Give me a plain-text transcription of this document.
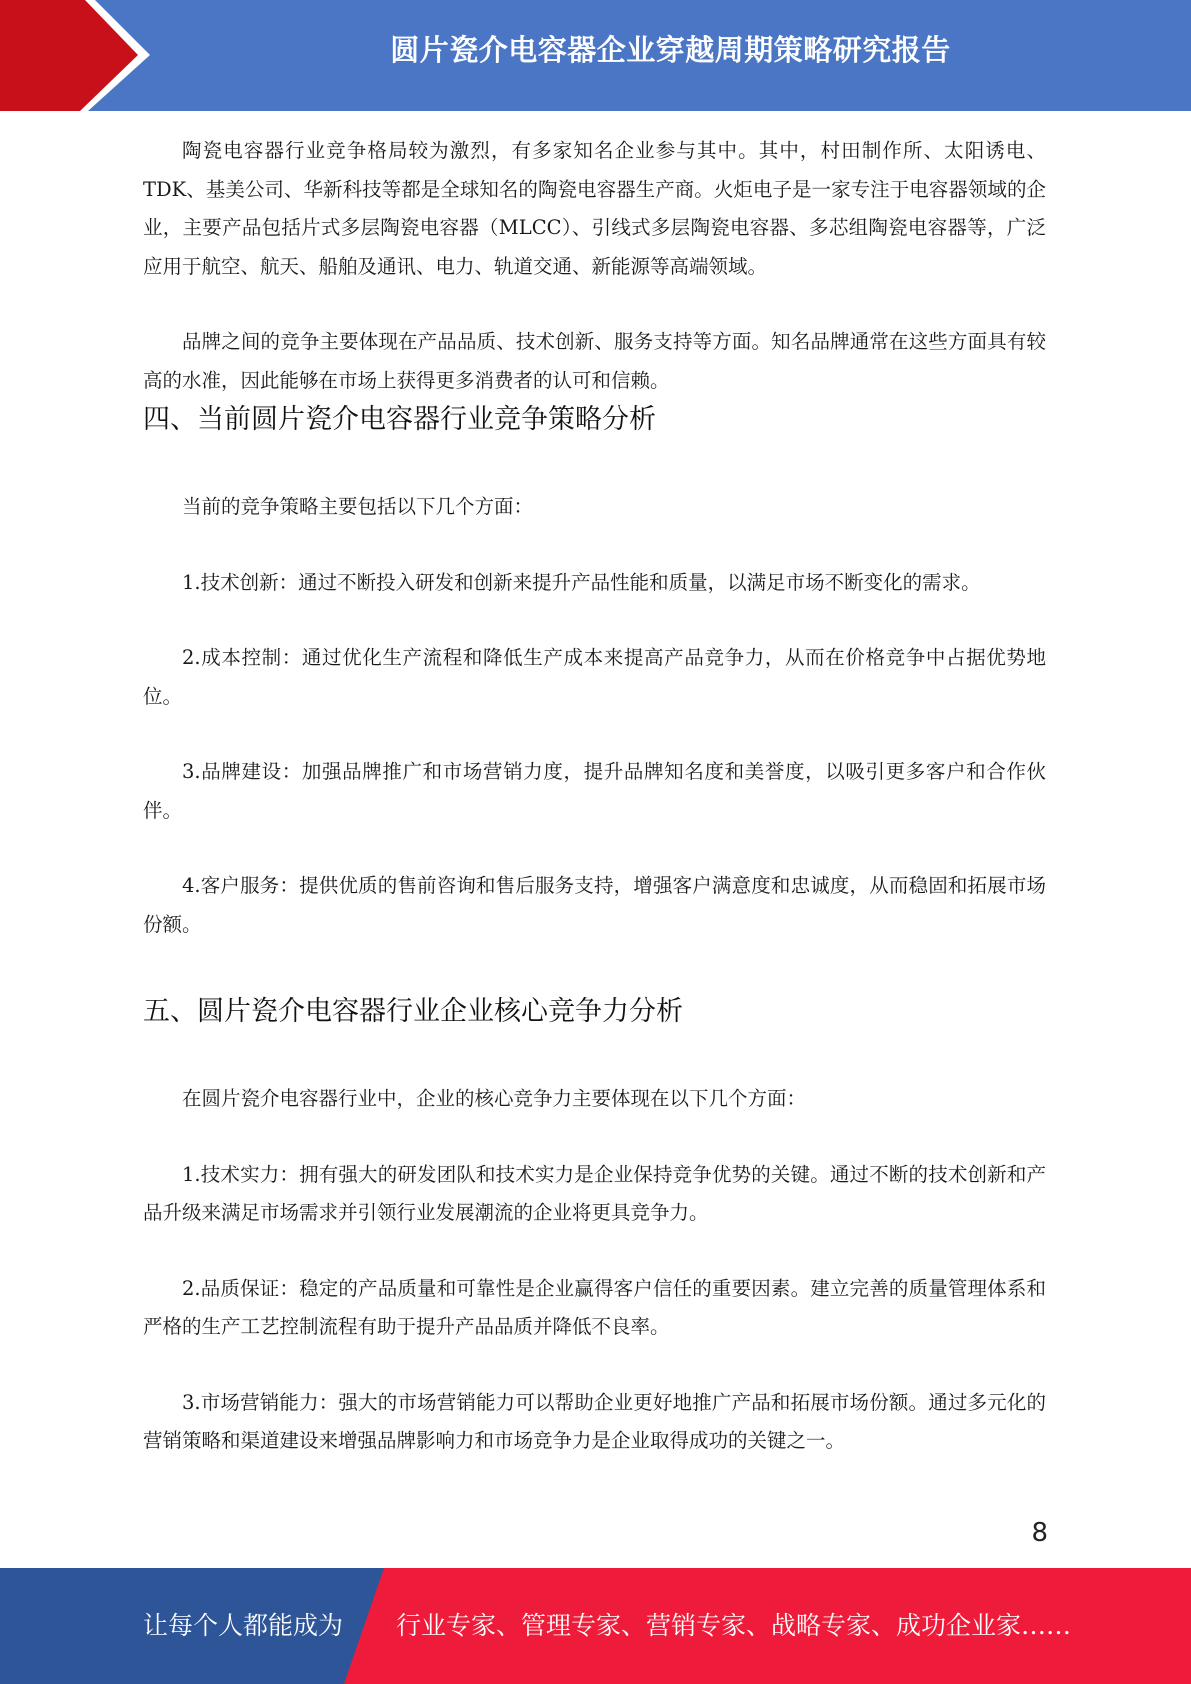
圆片瓷介电容器企业穿越周期策略研究报告

陶瓷电容器行业竞争格局较为激烈，有多家知名企业参与其中。其中，村田制作所、太阳诱电、TDK、基美公司、华新科技等都是全球知名的陶瓷电容器生产商。火炬电子是一家专注于电容器领域的企业，主要产品包括片式多层陶瓷电容器（MLCC）、引线式多层陶瓷电容器、多芯组陶瓷电容器等，广泛应用于航空、航天、船舶及通讯、电力、轨道交通、新能源等高端领域。

品牌之间的竞争主要体现在产品品质、技术创新、服务支持等方面。知名品牌通常在这些方面具有较高的水准，因此能够在市场上获得更多消费者的认可和信赖。

四、当前圆片瓷介电容器行业竞争策略分析

当前的竞争策略主要包括以下几个方面：

1.技术创新：通过不断投入研发和创新来提升产品性能和质量，以满足市场不断变化的需求。

2.成本控制：通过优化生产流程和降低生产成本来提高产品竞争力，从而在价格竞争中占据优势地位。

3.品牌建设：加强品牌推广和市场营销力度，提升品牌知名度和美誉度，以吸引更多客户和合作伙伴。

4.客户服务：提供优质的售前咨询和售后服务支持，增强客户满意度和忠诚度，从而稳固和拓展市场份额。

五、圆片瓷介电容器行业企业核心竞争力分析

在圆片瓷介电容器行业中，企业的核心竞争力主要体现在以下几个方面：

1.技术实力：拥有强大的研发团队和技术实力是企业保持竞争优势的关键。通过不断的技术创新和产品升级来满足市场需求并引领行业发展潮流的企业将更具竞争力。

2.品质保证：稳定的产品质量和可靠性是企业赢得客户信任的重要因素。建立完善的质量管理体系和严格的生产工艺控制流程有助于提升产品品质并降低不良率。

3.市场营销能力：强大的市场营销能力可以帮助企业更好地推广产品和拓展市场份额。通过多元化的营销策略和渠道建设来增强品牌影响力和市场竞争力是企业取得成功的关键之一。

8
让每个人都能成为 行业专家、管理专家、营销专家、战略专家、成功企业家……
